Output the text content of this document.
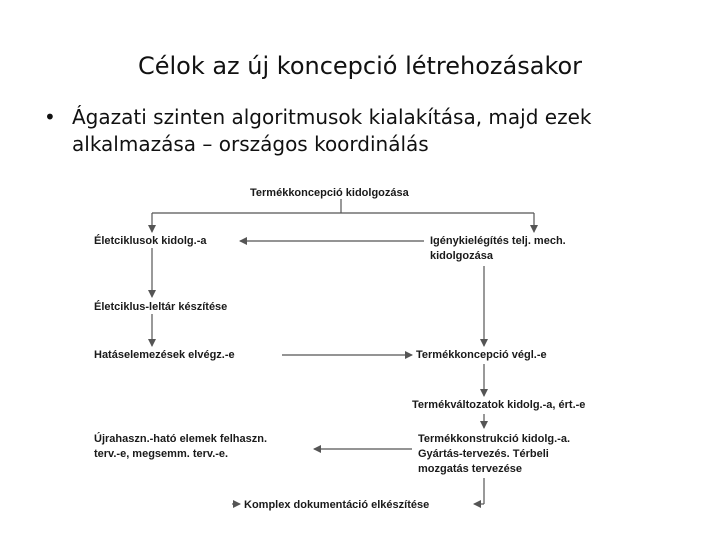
Célok az új koncepció létrehozásakor
• Ágazati szinten algoritmusok kialakítása, majd ezek
alkalmazása – országos koordinálás
Termékkoncepció kidolgozása
Életciklusok kidolg.-a	Igénykielégítés telj. mech.
kidolgozása
Életciklus-leltár készítése
Hatáselemezések elvégz.-e	Termékkoncepció végl.-e
Termékváltozatok kidolg.-a, ért.-e
Újrahaszn.-ható elemek felhaszn.
terv.-e, megsemm. terv.-e.
Termékkonstrukció kidolg.-a.
Gyártás-tervezés. Térbeli
mozgatás tervezése
Komplex dokumentáció elkészítése
